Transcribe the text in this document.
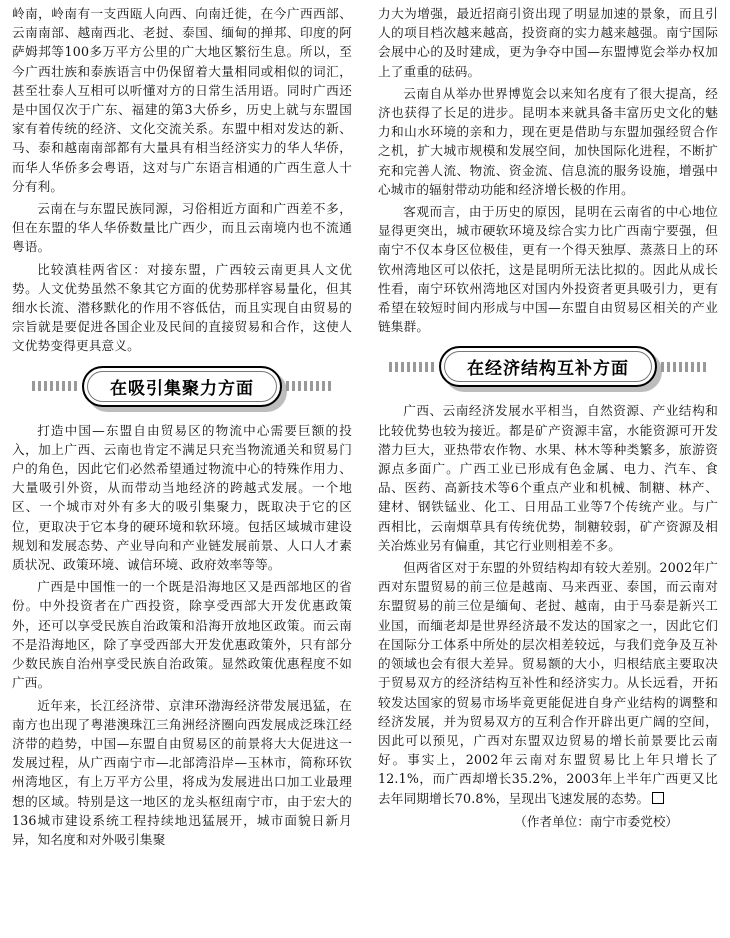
岭南，岭南有一支西瓯人向西、向南迁徙，在今广西西部、云南南部、越南西北、老挝、泰国、缅甸的掸邦、印度的阿萨姆邦等100多万平方公里的广大地区繁衍生息。所以，至今广西壮族和泰族语言中仍保留着大量相同或相似的词汇，甚至壮泰人互相可以听懂对方的日常生活用语。同时广西还是中国仅次于广东、福建的第3大侨乡，历史上就与东盟国家有着传统的经济、文化交流关系。东盟中相对发达的新、马、泰和越南南部都有大量具有相当经济实力的华人华侨，而华人华侨多会粤语，这对与广东语言相通的广西生意人十分有利。

云南在与东盟民族同源，习俗相近方面和广西差不多，但在东盟的华人华侨数量比广西少，而且云南境内也不流通粤语。

比较滇桂两省区：对接东盟，广西较云南更具人文优势。人文优势虽然不象其它方面的优势那样容易量化，但其细水长流、潜移默化的作用不容低估，而且实现自由贸易的宗旨就是要促进各国企业及民间的直接贸易和合作，这使人文优势变得更具意义。

在吸引集聚力方面

打造中国—东盟自由贸易区的物流中心需要巨额的投入，加上广西、云南也肯定不满足只充当物流通关和贸易门户的角色，因此它们必然希望通过物流中心的特殊作用力、大量吸引外资，从而带动当地经济的跨越式发展。一个地区、一个城市对外有多大的吸引集聚力，既取决于它的区位，更取决于它本身的硬环境和软环境。包括区域城市建设规划和发展态势、产业导向和产业链发展前景、人口人才素质状况、政策环境、诚信环境、政府效率等等。

广西是中国惟一的一个既是沿海地区又是西部地区的省份。中外投资者在广西投资，除享受西部大开发优惠政策外，还可以享受民族自治政策和沿海开放地区政策。而云南不是沿海地区，除了享受西部大开发优惠政策外，只有部分少数民族自治州享受民族自治政策。显然政策优惠程度不如广西。

近年来，长江经济带、京津环渤海经济带发展迅猛，在南方也出现了粤港澳珠江三角洲经济圈向西发展成泛珠江经济带的趋势，中国—东盟自由贸易区的前景将大大促进这一发展过程，从广西南宁市—北部湾沿岸—玉林市，简称环钦州湾地区，有上万平方公里，将成为发展进出口加工业最理想的区域。特别是这一地区的龙头枢纽南宁市，由于宏大的136城市建设系统工程持续地迅猛展开，城市面貌日新月异，知名度和对外吸引集聚

力大为增强，最近招商引资出现了明显加速的景象，而且引人的项目档次越来越高，投资商的实力越来越强。南宁国际会展中心的及时建成，更为争夺中国—东盟博览会举办权加上了重重的砝码。

云南自从举办世界博览会以来知名度有了很大提高，经济也获得了长足的进步。昆明本来就具备丰富历史文化的魅力和山水环境的亲和力，现在更是借助与东盟加强经贸合作之机，扩大城市规模和发展空间，加快国际化进程，不断扩充和完善人流、物流、资金流、信息流的服务设施，增强中心城市的辐射带动功能和经济增长极的作用。

客观而言，由于历史的原因，昆明在云南省的中心地位显得更突出，城市硬软环境及综合实力比广西南宁要强，但南宁不仅本身区位极佳，更有一个得天独厚、蒸蒸日上的环钦州湾地区可以依托，这是昆明所无法比拟的。因此从成长性看，南宁环钦州湾地区对国内外投资者更具吸引力，更有希望在较短时间内形成与中国—东盟自由贸易区相关的产业链集群。

在经济结构互补方面

广西、云南经济发展水平相当，自然资源、产业结构和比较优势也较为接近。都是矿产资源丰富，水能资源可开发潜力巨大，亚热带农作物、水果、林木等种类繁多，旅游资源点多面广。广西工业已形成有色金属、电力、汽车、食品、医药、高新技术等6个重点产业和机械、制糖、林产、建材、钢铁锰业、化工、日用品工业等7个传统产业。与广西相比，云南烟草具有传统优势，制糖较弱，矿产资源及相关冶炼业另有偏重，其它行业则相差不多。

但两省区对于东盟的外贸结构却有较大差别。2002年广西对东盟贸易的前三位是越南、马来西亚、泰国，而云南对东盟贸易的前三位是缅甸、老挝、越南，由于马泰是新兴工业国，而缅老却是世界经济最不发达的国家之一，因此它们在国际分工体系中所处的层次相差较远，与我们竞争及互补的领域也会有很大差异。贸易额的大小，归根结底主要取决于贸易双方的经济结构互补性和经济实力。从长远看，开拓较发达国家的贸易市场毕竟更能促进自身产业结构的调整和经济发展，并为贸易双方的互利合作开辟出更广阔的空间，因此可以预见，广西对东盟双边贸易的增长前景要比云南好。事实上，2002年云南对东盟贸易比上年只增长了12.1%，而广西却增长35.2%，2003年上半年广西更又比去年同期增长70.8%，呈现出飞速发展的态势。

（作者单位：南宁市委党校）
